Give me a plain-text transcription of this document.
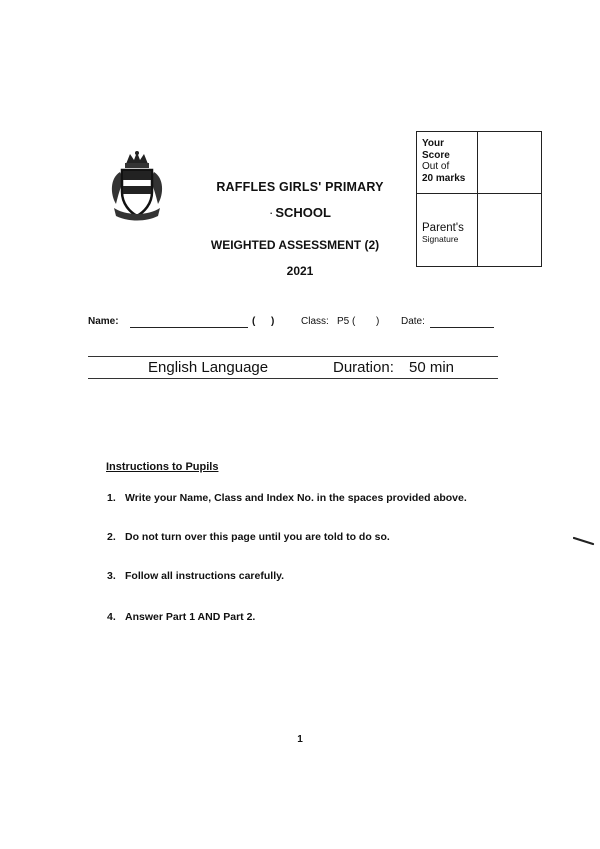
RAFFLES GIRLS' PRIMARY
· SCHOOL
WEIGHTED ASSESSMENT (2)
2021
Your
Score
Out of
20 marks
Parent's
Signature
Name:	( )	Class: P5 ( ) Date:
English Language	Duration: 50 min
Instructions to Pupils
1. Write your Name, Class and Index No. in the spaces provided above.
2. Do not turn over this page until you are told to do so.
3. Follow all instructions carefully.
4. Answer Part 1 AND Part 2.
1
